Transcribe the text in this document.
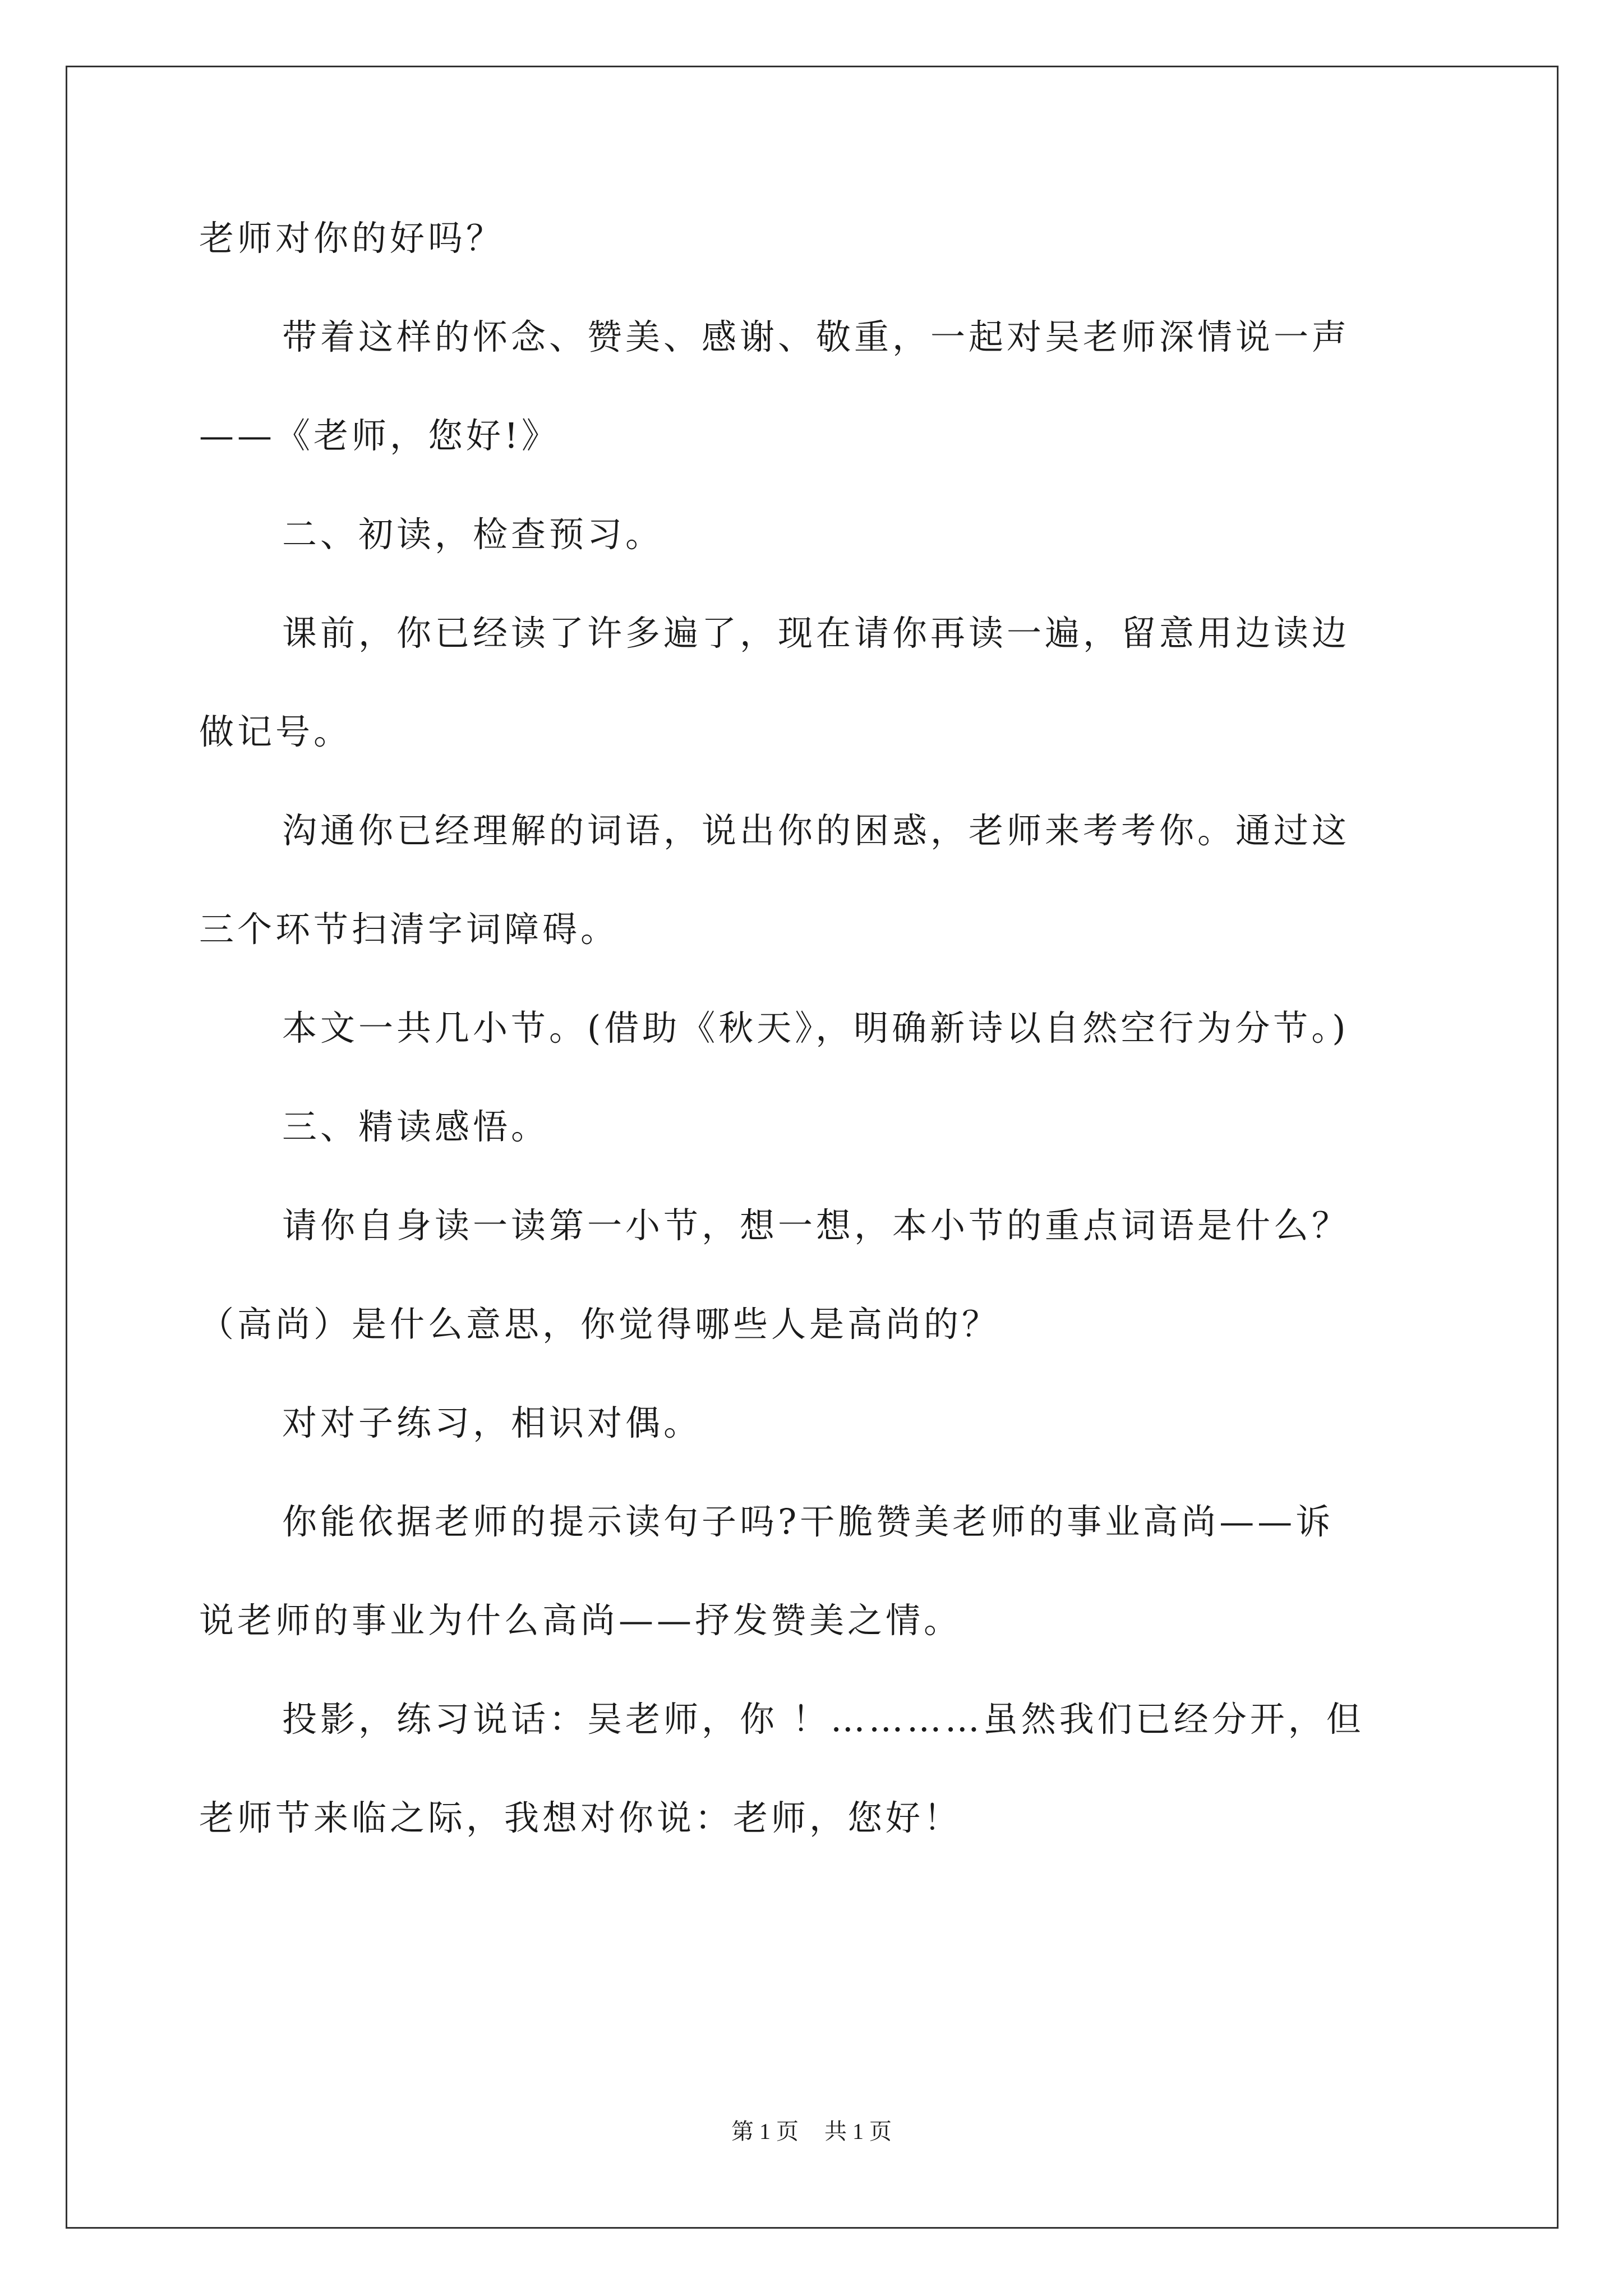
老师对你的好吗？
带着这样的怀念、赞美、感谢、敬重，一起对吴老师深情说一声
——《老师，您好!》
二、初读，检查预习。
课前，你已经读了许多遍了，现在请你再读一遍，留意用边读边
做记号。
沟通你已经理解的词语，说出你的困惑，老师来考考你。通过这
三个环节扫清字词障碍。
本文一共几小节。(借助《秋天》，明确新诗以自然空行为分节。)
三、精读感悟。
请你自身读一读第一小节，想一想，本小节的重点词语是什么？
（高尚）是什么意思，你觉得哪些人是高尚的？
对对子练习，相识对偶。
你能依据老师的提示读句子吗?干脆赞美老师的事业高尚——诉
说老师的事业为什么高尚——抒发赞美之情。
投影，练习说话：吴老师，你 ！…………虽然我们已经分开，但
老师节来临之际，我想对你说：老师，您好！
第 1 页 共 1 页
